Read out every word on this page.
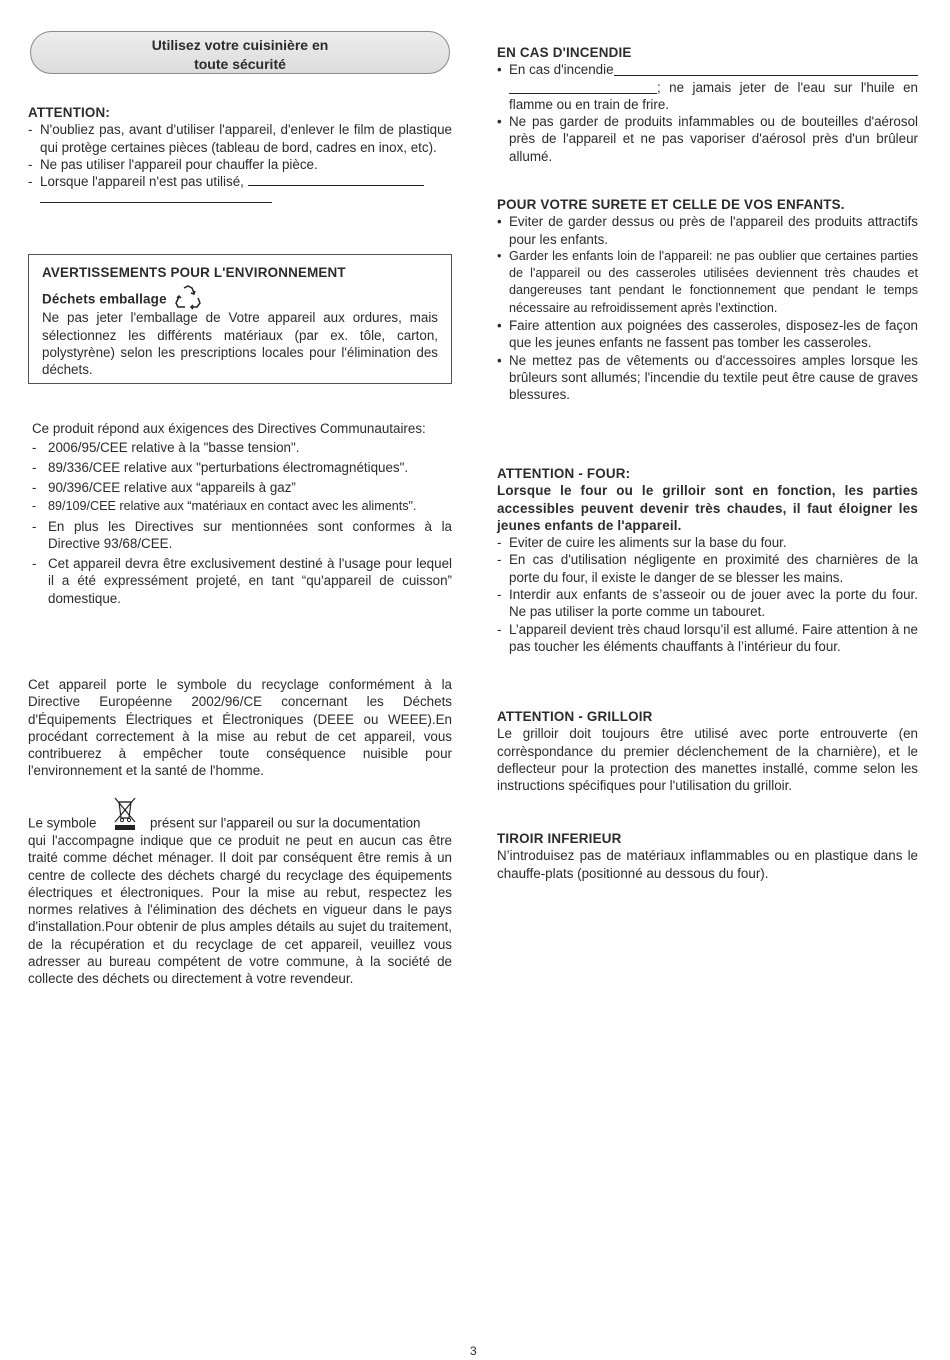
Utilisez votre cuisinière en
toute sécurité
ATTENTION:
- N'oubliez pas, avant d'utiliser l'appareil, d'enlever le film de plastique qui protège certaines pièces (tableau de bord, cadres en inox, etc).
- Ne pas utiliser l'appareil pour chauffer la pièce.
- Lorsque l'appareil n'est pas utilisé,
AVERTISSEMENTS POUR L'ENVIRONNEMENT
Déchets emballage
Ne pas jeter l'emballage de Votre appareil aux ordures, mais sélectionnez les différents matériaux (par ex. tôle, carton, polystyrène) selon les prescriptions locales pour l'élimination des déchets.
Ce produit répond aux éxigences des Directives Communautaires:
- 2006/95/CEE relative à la "basse tension".
- 89/336/CEE relative aux "perturbations électromagnétiques".
- 90/396/CEE relative aux “appareils à gaz”
- 89/109/CEE relative aux “matériaux en contact avec les aliments".
- En plus les Directives sur mentionnées sont conformes à la Directive 93/68/CEE.
- Cet appareil devra être exclusivement destiné à l'usage pour lequel il a été expressément projeté, en tant “qu'appareil de cuisson” domestique.
Cet appareil porte le symbole du recyclage conformément à la Directive Européenne 2002/96/CE concernant les Déchets d'Équipements Électriques et Électroniques (DEEE ou WEEE).En procédant correctement à la mise au rebut de cet appareil, vous contribuerez à empêcher toute conséquence nuisible pour l'environnement et la santé de l'homme.
Le symbole	présent sur l'appareil ou sur la documentation
qui l'accompagne indique que ce produit ne peut en aucun cas être traité comme déchet ménager. Il doit par conséquent être remis à un centre de collecte des déchets chargé du recyclage des équipements électriques et électroniques. Pour la mise au rebut, respectez les normes relatives à l'élimination des déchets en vigueur dans le pays d'installation.Pour obtenir de plus amples détails au sujet du traitement, de la récupération et du recyclage de cet appareil, veuillez vous adresser au bureau compétent de votre commune, à la société de collecte des déchets ou directement à votre revendeur.
EN CAS D'INCENDIE
• En cas d'incendie
; ne jamais jeter de l'eau sur l'huile en
flamme ou en train de frire.
• Ne pas garder de produits infammables ou de bouteilles d'aérosol près de l'appareil et ne pas vaporiser d'aérosol près d'un brûleur allumé.
POUR VOTRE SURETE ET CELLE DE VOS ENFANTS.
• Eviter de garder dessus ou près de l'appareil des produits attractifs pour les enfants.
• Garder les enfants loin de l'appareil: ne pas oublier que certaines parties de l'appareil ou des casseroles utilisées deviennent très chaudes et dangereuses tant pendant le fonctionnement que pendant le temps nécessaire au refroidissement après l'extinction.
• Faire attention aux poignées des casseroles, disposez-les de façon que les jeunes enfants ne fassent pas tomber les casseroles.
• Ne mettez pas de vêtements ou d'accessoires amples lorsque les brûleurs sont allumés; l'incendie du textile peut être cause de graves blessures.
ATTENTION - FOUR:
Lorsque le four ou le grilloir sont en fonction, les parties accessibles peuvent devenir très chaudes, il faut éloigner les jeunes enfants de l'appareil.
- Eviter de cuire les aliments sur la base du four.
- En cas d'utilisation négligente en proximité des charnières de la porte du four, il existe le danger de se blesser les mains.
- Interdir aux enfants de s’asseoir ou de jouer avec la porte du four. Ne pas utiliser la porte comme un tabouret.
- L’appareil devient très chaud lorsqu’il est allumé. Faire attention à ne pas toucher les éléments chauffants à l’intérieur du four.
ATTENTION - GRILLOIR
Le grilloir doit toujours être utilisé avec porte entrouverte (en corrèspondance du premier déclenchement de la charnière), et le deflecteur pour la protection des manettes installé, comme selon les instructions spécifiques pour l'utilisation du grilloir.
TIROIR INFERIEUR
N’introduisez pas de matériaux inflammables ou en plastique dans le chauffe-plats (positionné au dessous du four).
3
